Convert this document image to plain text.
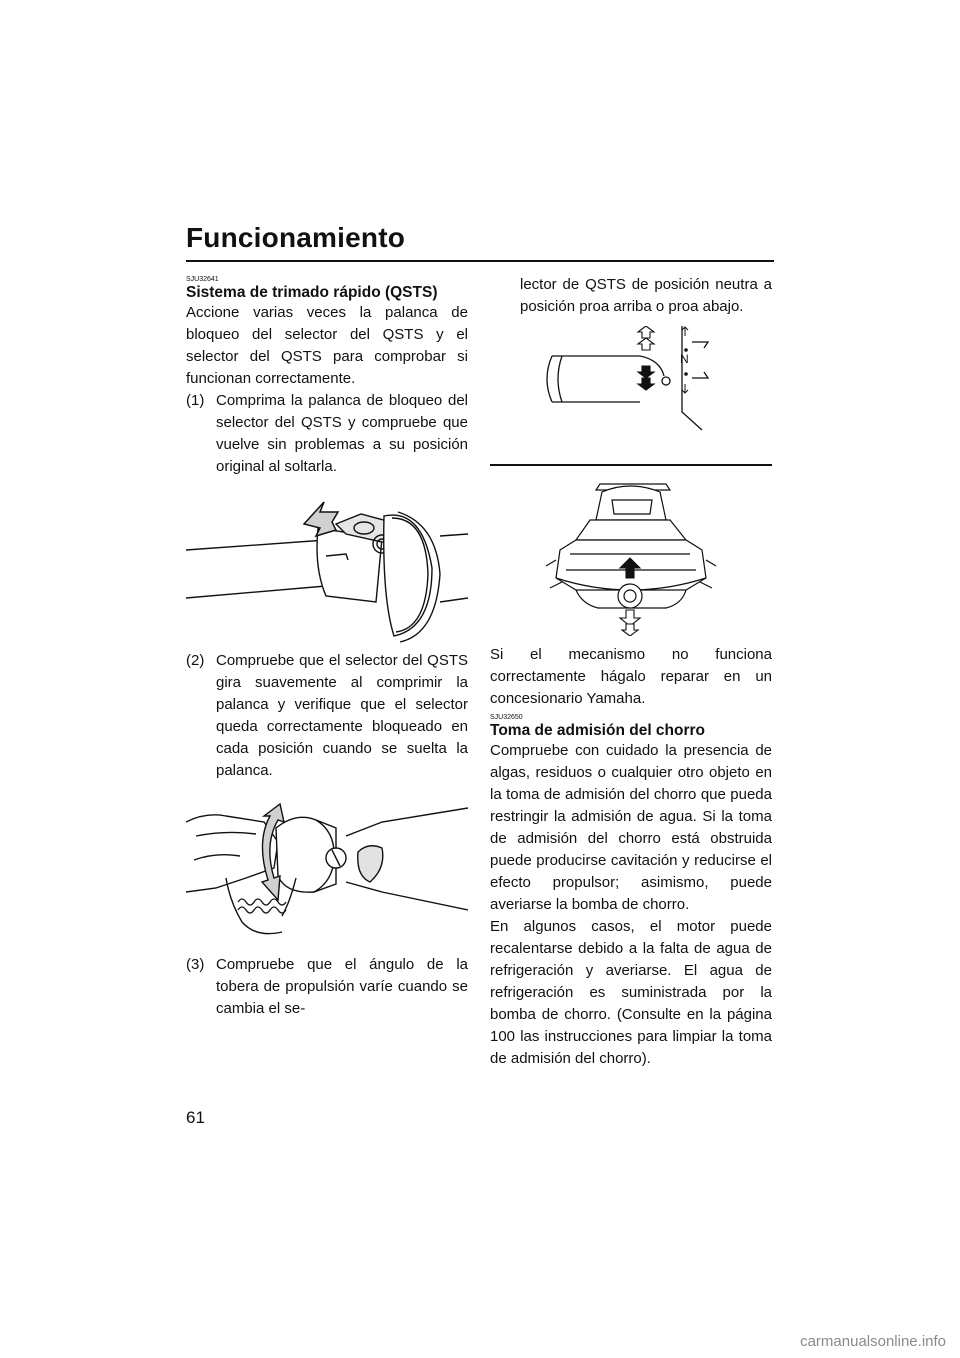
Funcionamiento
SJU32641
Sistema de trimado rápido (QSTS)

Accione varias veces la palanca de bloqueo del selector del QSTS y el selector del QSTS para comprobar si funcionan correctamente.

(1) Comprima la palanca de bloqueo del selector del QSTS y compruebe que vuelve sin problemas a su posición original al soltarla.
(2) Compruebe que el selector del QSTS gira suavemente al comprimir la palanca y verifique que el selector queda correctamente bloqueado en cada posición cuando se suelta la palanca.
(3) Compruebe que el ángulo de la tobera de propulsión varíe cuando se cambia el se-

lector de QSTS de posición neutra a posición proa arriba o proa abajo.

N

Si el mecanismo no funciona correctamente hágalo reparar en un concesionario Yamaha.

SJU32650
Toma de admisión del chorro

Compruebe con cuidado la presencia de algas, residuos o cualquier otro objeto en la toma de admisión del chorro que pueda restringir la admisión de agua. Si la toma de admisión del chorro está obstruida puede producirse cavitación y reducirse el efecto propulsor; asimismo, puede averiarse la bomba de chorro.

En algunos casos, el motor puede recalentarse debido a la falta de agua de refrigeración y averiarse. El agua de refrigeración es suministrada por la bomba de chorro. (Consulte en la página 100 las instrucciones para limpiar la toma de admisión del chorro).

61
carmanualsonline.info
